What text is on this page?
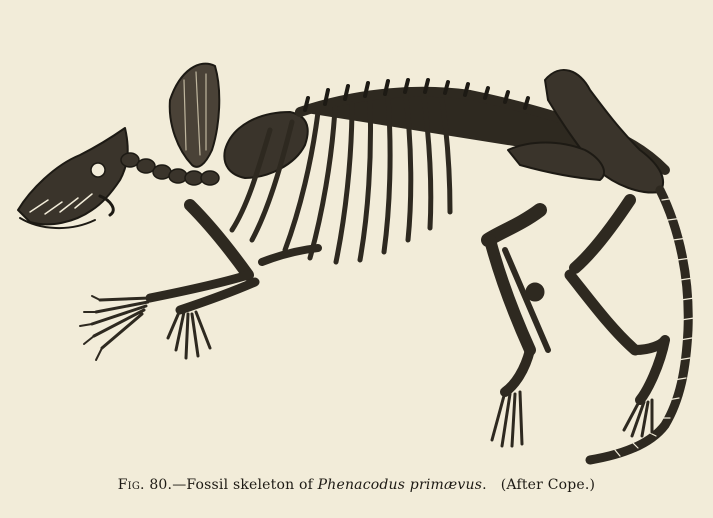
Fig. 80.—Fossil skeleton of Phenacodus primævus. (After Cope.)
